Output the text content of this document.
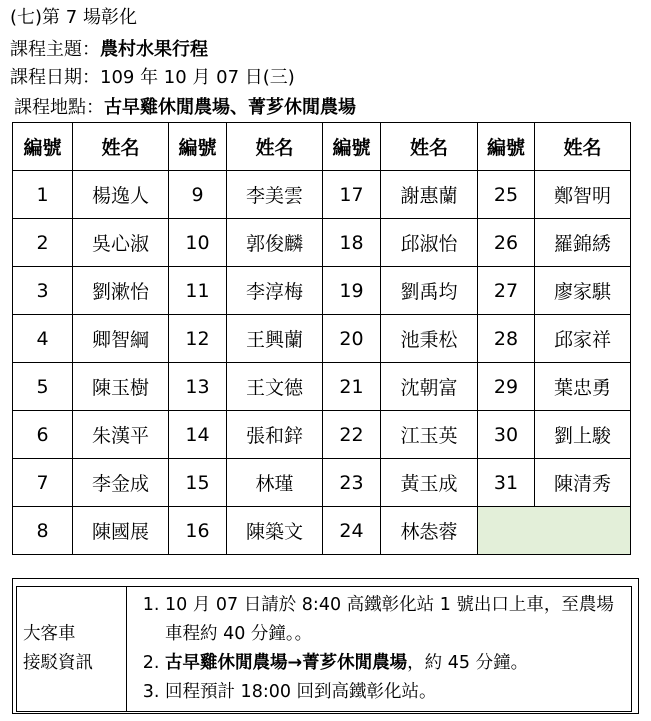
(七)第 7 場彰化
課程主題：農村水果行程
課程日期：109 年 10 月 07 日(三)
課程地點：古早雞休閒農場、菁芗休閒農場
編號	姓名	編號	姓名	編號	姓名	編號	姓名
1	楊逸人	9	李美雲	17	謝惠蘭	25	鄭智明
2	吳心淑	10	郭俊麟	18	邱淑怡	26	羅錦綉
3	劉漱怡	11	李淳梅	19	劉禹均	27	廖家騏
4	卿智綱	12	王興蘭	20	池秉松	28	邱家祥
5	陳玉樹	13	王文德	21	沈朝富	29	葉忠勇
6	朱漢平	14	張和鋅	22	江玉英	30	劉上駿
7	李金成	15	林瑾	23	黃玉成	31	陳清秀
8	陳國展	16	陳築文	24	林怣蓉		
大客車
接駁資訊

1. 10 月 07 日請於 8:40 高鐵彰化站 1 號出口上車，至農場車程約 40 分鐘。。
2. 古早雞休閒農場→菁芗休閒農場，約 45 分鐘。
3. 回程預計 18:00 回到高鐵彰化站。
